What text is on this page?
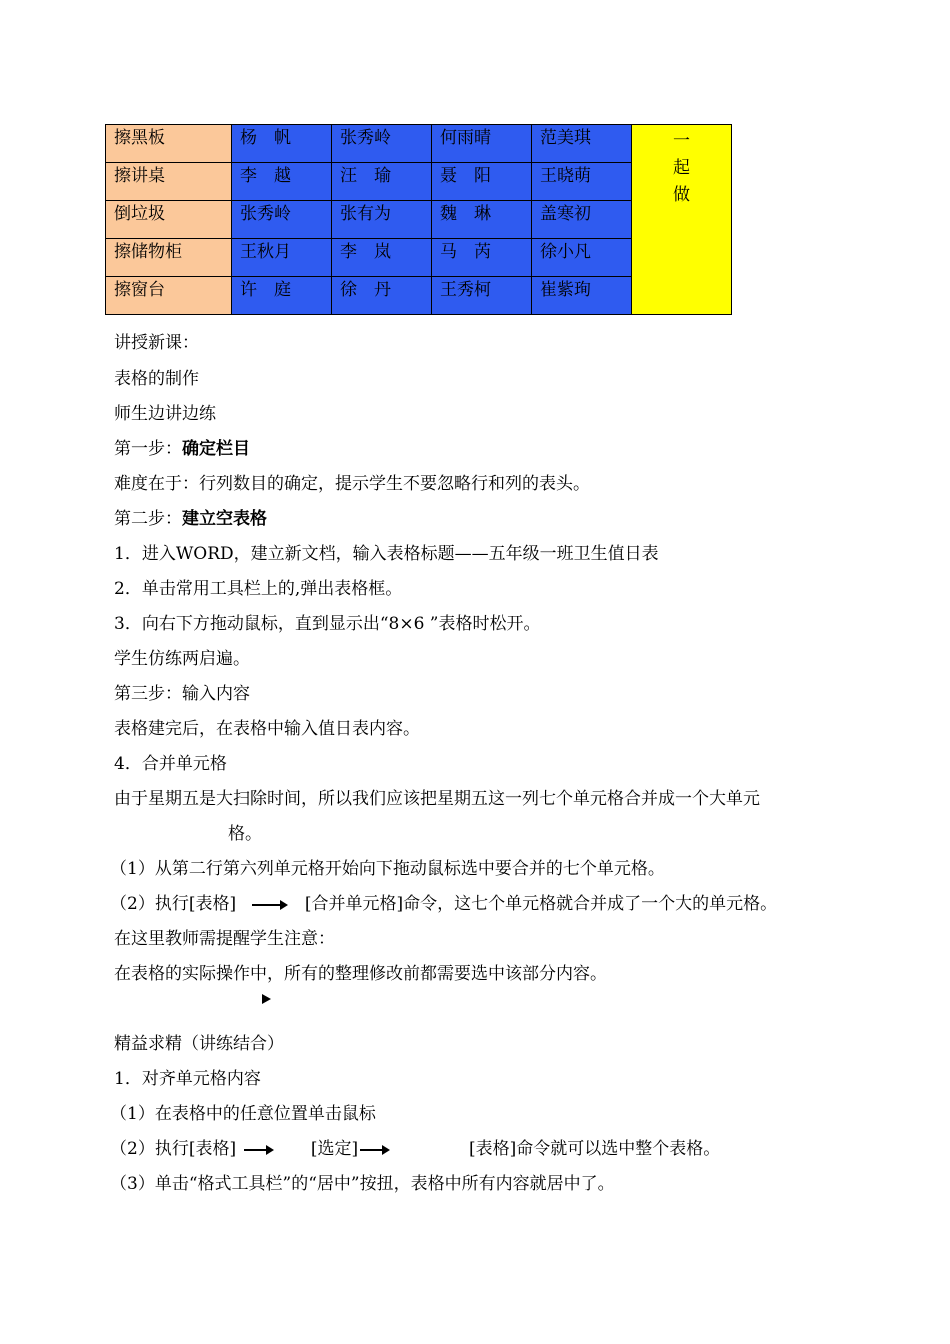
擦黑板	杨　帆	张秀岭	何雨晴	范美琪	一
起
做

擦讲桌	李　越	汪　瑜	聂　阳	王晓萌	
倒垃圾	张秀岭	张有为	魏　琳	盖寒初	
擦储物柜	王秋月	李　岚	马　芮	徐小凡	
擦窗台	许　庭	徐　丹	王秀柯	崔紫珣	
讲授新课：
表格的制作
师生边讲边练
第一步：确定栏目
难度在于：行列数目的确定，提示学生不要忽略行和列的表头。
第二步：建立空表格
1．进入WORD，建立新文档，输入表格标题——五年级一班卫生值日表
2．单击常用工具栏上的,弹出表格框。
3．向右下方拖动鼠标，直到显示出“8×6 ”表格时松开。
学生仿练两启遍。
第三步：输入内容
表格建完后，在表格中输入值日表内容。
4．合并单元格
由于星期五是大扫除时间，所以我们应该把星期五这一列七个单元格合并成一个大单元
格。
（1）从第二行第六列单元格开始向下拖动鼠标选中要合并的七个单元格。
（2）执行[表格]	[合并单元格]命令，这七个单元格就合并成了一个大的单元格。
在这里教师需提醒学生注意：
在表格的实际操作中，所有的整理修改前都需要选中该部分内容。
精益求精（讲练结合）
1．对齐单元格内容
（1）在表格中的任意位置单击鼠标
（2）执行[表格]	[选定]	[表格]命令就可以选中整个表格。
（3）单击“格式工具栏”的“居中”按扭，表格中所有内容就居中了。
